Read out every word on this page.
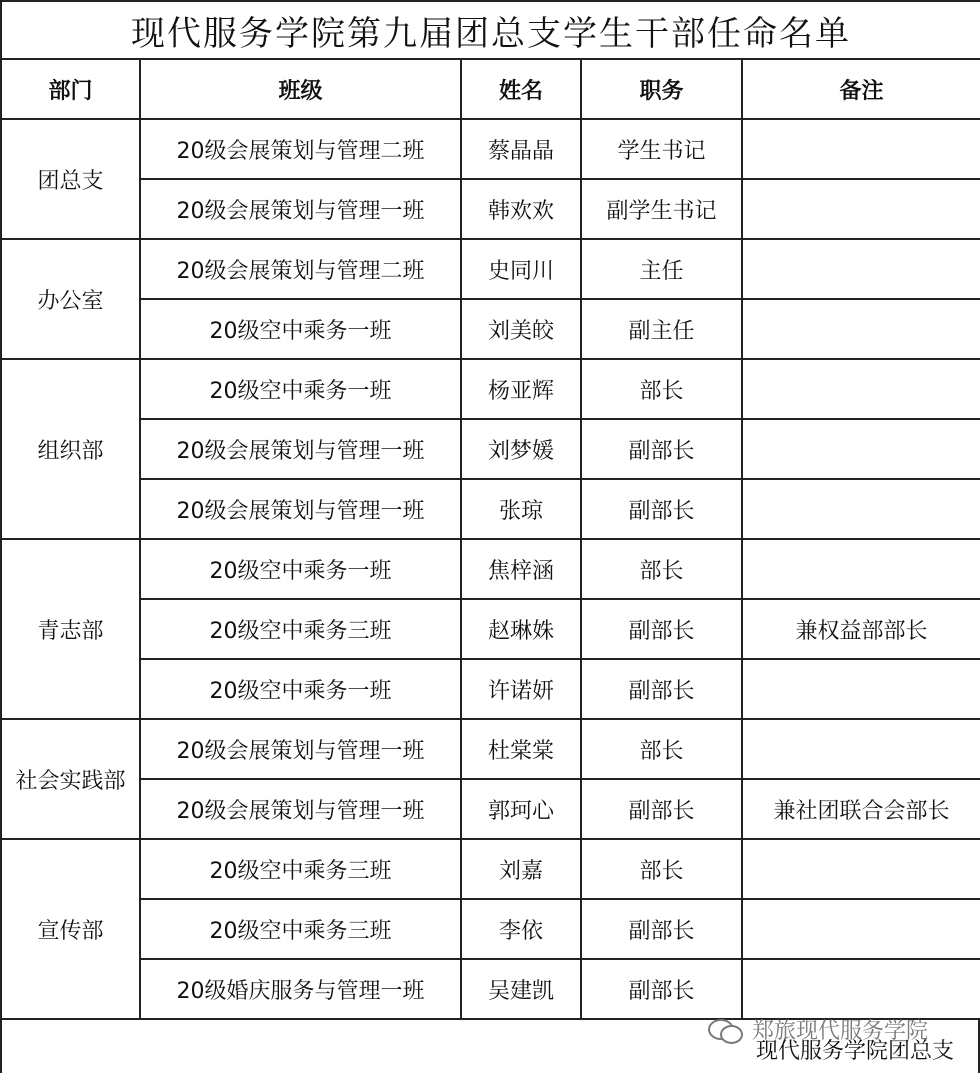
现代服务学院第九届团总支学生干部任命名单				
部门	班级	姓名	职务	备注
团总支	20级会展策划与管理二班	蔡晶晶	学生书记	
	20级会展策划与管理一班	韩欢欢	副学生书记	
办公室	20级会展策划与管理二班	史同川	主任	
	20级空中乘务一班	刘美皎	副主任	
组织部	20级空中乘务一班	杨亚辉	部长	
	20级会展策划与管理一班	刘梦媛	副部长	
	20级会展策划与管理一班	张琼	副部长	
青志部	20级空中乘务一班	焦梓涵	部长	
	20级空中乘务三班	赵琳姝	副部长	兼权益部部长
	20级空中乘务一班	许诺妍	副部长	
社会实践部	20级会展策划与管理一班	杜棠棠	部长	
	20级会展策划与管理一班	郭珂心	副部长	兼社团联合会部长
宣传部	20级空中乘务三班	刘嘉	部长	
	20级空中乘务三班	李依	副部长	
	20级婚庆服务与管理一班	吴建凯	副部长	
郑旅现代服务学院
现代服务学院团总支
